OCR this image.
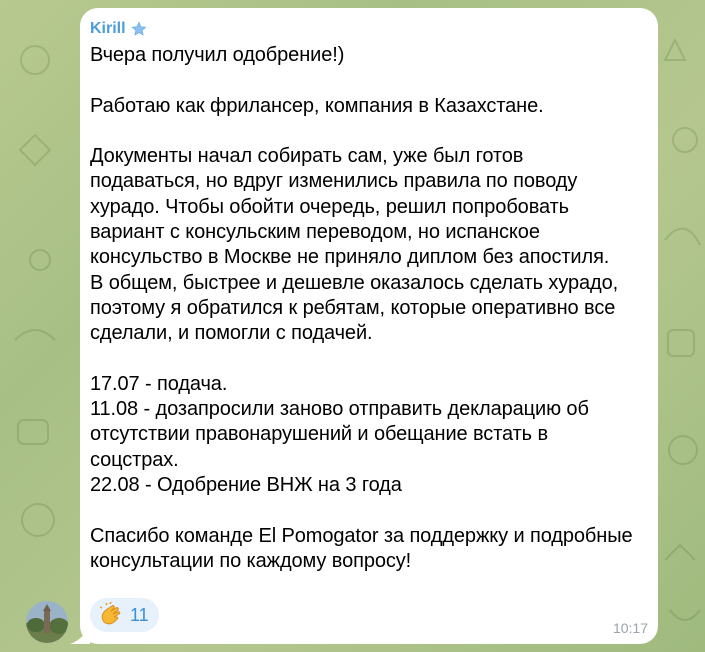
Kirill
Вчера получил одобрение!)

Работаю как фрилансер, компания в Казахстане.

Документы начал собирать сам, уже был готов
подаваться, но вдруг изменились правила по поводу
хурадо. Чтобы обойти очередь, решил попробовать
вариант с консульским переводом, но испанское
консульство в Москве не приняло диплом без апостиля.
В общем, быстрее и дешевле оказалось сделать хурадо,
поэтому я обратился к ребятам, которые оперативно все
сделали, и помогли с подачей.

17.07 - подача.
11.08 - дозапросили заново отправить декларацию об
отсутствии правонарушений и обещание встать в
соцстрах.
22.08 - Одобрение ВНЖ на 3 года

Спасибо команде El Pomogator за поддержку и подробные
консультации по каждому вопросу!
11
10:17
